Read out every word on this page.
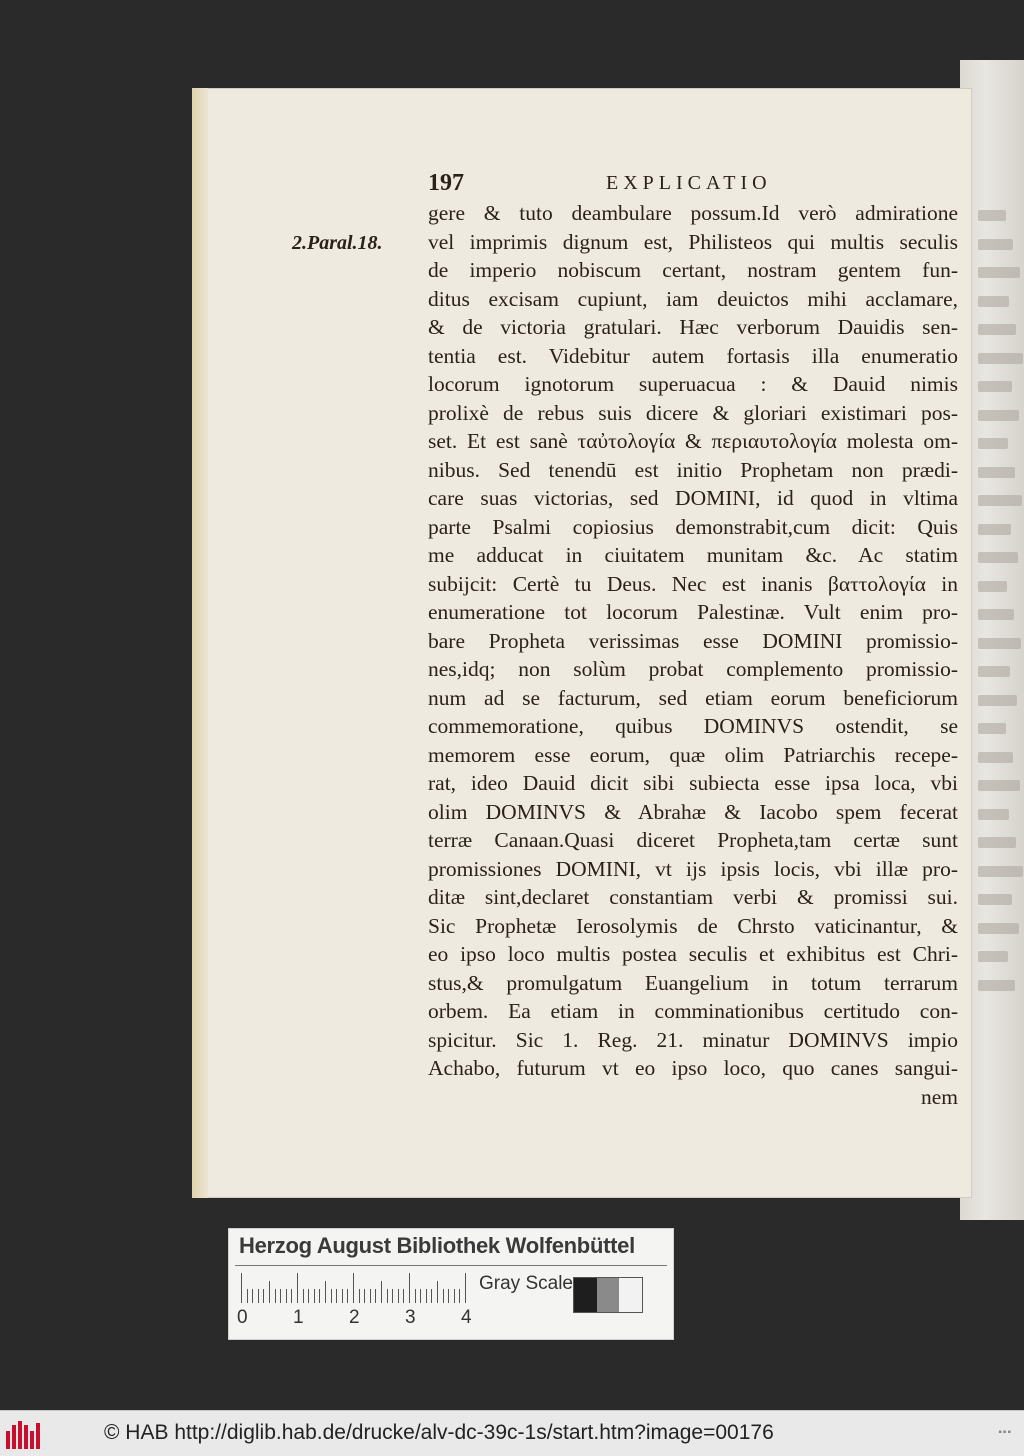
197	EXPLICATIO
2.Paral.18.
gere & tuto deambulare possum.Id verò admiratione
vel imprimis dignum est, Philisteos qui multis seculis
de imperio nobiscum certant, nostram gentem fun-
ditus excisam cupiunt, iam deuictos mihi acclamare,
& de victoria gratulari. Hæc verborum Dauidis sen-
tentia est. Videbitur autem fortasis illa enumeratio
locorum ignotorum superuacua : & Dauid nimis
prolixè de rebus suis dicere & gloriari existimari pos-
set. Et est sanè ταὐτολογία & περιαυτολογία molesta om-
nibus. Sed tenendū est initio Prophetam non prædi-
care suas victorias, sed DOMINI, id quod in vltima
parte Psalmi copiosius demonstrabit,cum dicit: Quis
me adducat in ciuitatem munitam &c. Ac statim
subijcit: Certè tu Deus. Nec est inanis βαττολογία in
enumeratione tot locorum Palestinæ. Vult enim pro-
bare Propheta verissimas esse DOMINI promissio-
nes,idq; non solùm probat complemento promissio-
num ad se facturum, sed etiam eorum beneficiorum
commemoratione, quibus DOMINVS ostendit, se
memorem esse eorum, quæ olim Patriarchis recepe-
rat, ideo Dauid dicit sibi subiecta esse ipsa loca, vbi
olim DOMINVS & Abrahæ & Iacobo spem fecerat
terræ Canaan.Quasi diceret Propheta,tam certæ sunt
promissiones DOMINI, vt ijs ipsis locis, vbi illæ pro-
ditæ sint,declaret constantiam verbi & promissi sui.
Sic Prophetæ Ierosolymis de Chrsto vaticinantur, &
eo ipso loco multis postea seculis et exhibitus est Chri-
stus,& promulgatum Euangelium in totum terrarum
orbem. Ea etiam in comminationibus certitudo con-
spicitur. Sic 1. Reg. 21. minatur DOMINVS impio
Achabo, futurum vt eo ipso loco, quo canes sangui-
nem
Herzog August Bibliothek Wolfenbüttel
0 1 2 3 4
Gray Scale
© HAB http://diglib.hab.de/drucke/alv-dc-39c-1s/start.htm?image=00176	▪▪▪
